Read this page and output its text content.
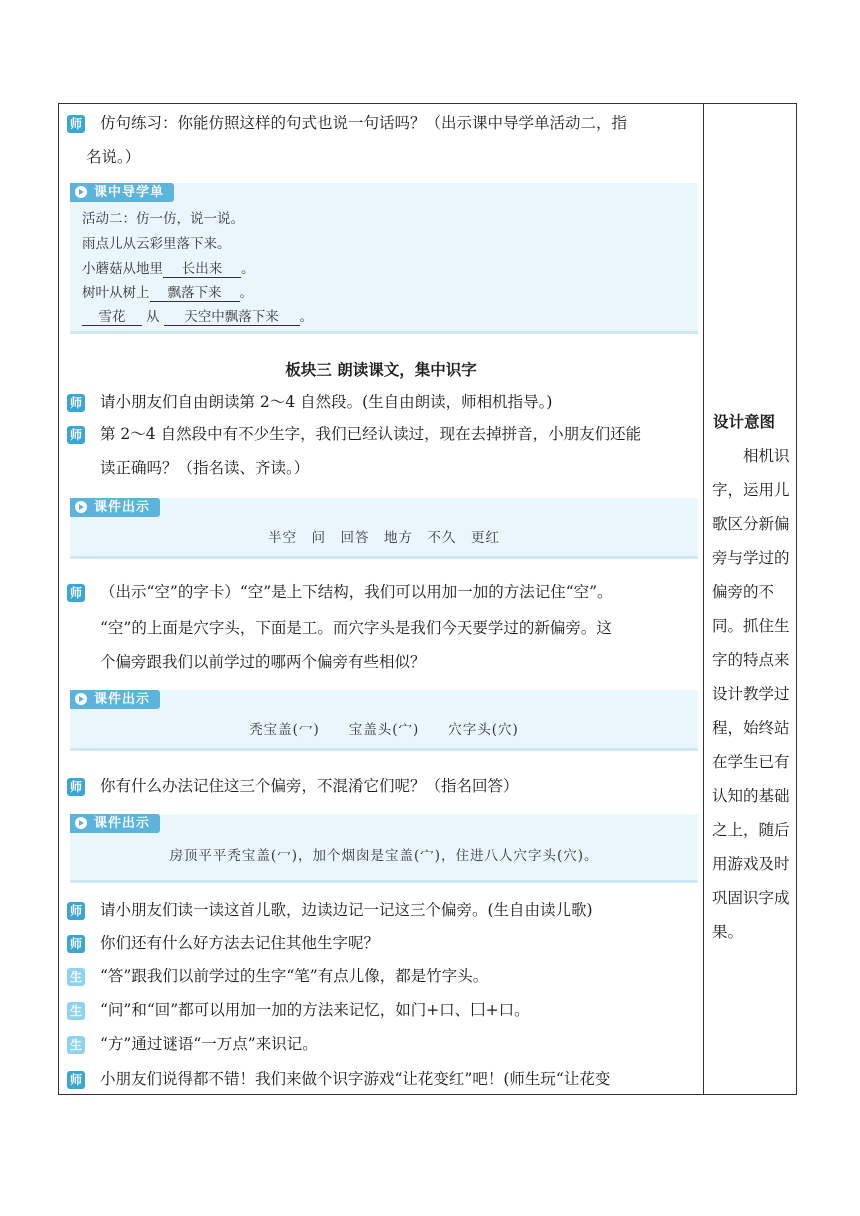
师 仿句练习：你能仿照这样的句式也说一句话吗？（出示课中导学单活动二，指
名说。）
课中导学单
活动二：仿一仿，说一说。
雨点儿从云彩里落下来。
小蘑菇从地里 长出来 。
树叶从树上 飘落下来 。
雪花 从 天空中飘落下来 。
板块三 朗读课文，集中识字
师 请小朋友们自由朗读第 2～4 自然段。(生自由朗读，师相机指导。)
师 第 2～4 自然段中有不少生字，我们已经认读过，现在去掉拼音，小朋友们还能
读正确吗？（指名读、齐读。）
课件出示
半空　问　回答　地方　不久　更红
师 （出示“空”的字卡）“空”是上下结构，我们可以用加一加的方法记住“空”。
“空”的上面是穴字头，下面是工。而穴字头是我们今天要学过的新偏旁。这
个偏旁跟我们以前学过的哪两个偏旁有些相似？
课件出示
秃宝盖(冖)　　宝盖头(宀)　　穴字头(穴)
师 你有什么办法记住这三个偏旁，不混淆它们呢？（指名回答）
课件出示
房顶平平秃宝盖(冖)，加个烟囱是宝盖(宀)，住进八人穴字头(穴)。
师 请小朋友们读一读这首儿歌，边读边记一记这三个偏旁。(生自由读儿歌)
师 你们还有什么好方法去记住其他生字呢？
生 “答”跟我们以前学过的生字“笔”有点儿像，都是竹字头。
生 “问”和“回”都可以用加一加的方法来记忆，如门+口、囗+口。
生 “方”通过谜语“一万点”来识记。
师 小朋友们说得都不错！我们来做个识字游戏“让花变红”吧！(师生玩“让花变
设计意图
相机识字，运用儿歌区分新偏旁与学过的偏旁的不同。抓住生字的特点来设计教学过程，始终站在学生已有认知的基础之上，随后用游戏及时巩固识字成果。
